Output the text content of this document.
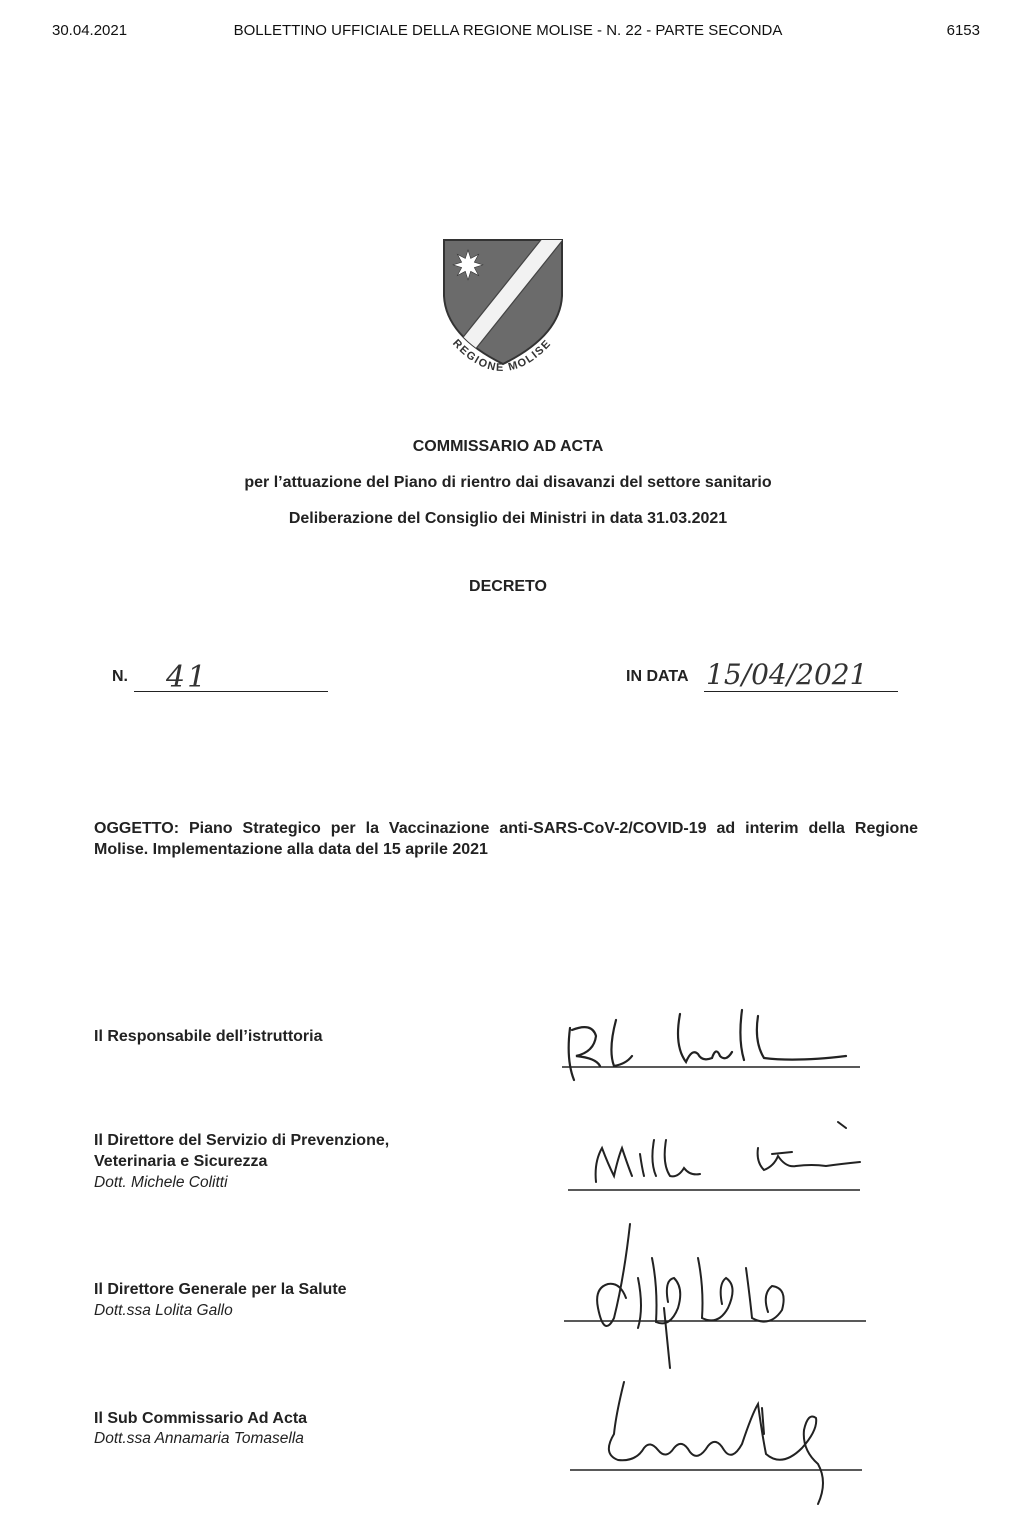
30.04.2021	BOLLETTINO UFFICIALE DELLA REGIONE MOLISE - N. 22 - PARTE SECONDA	6153
REGIONE MOLISE
COMMISSARIO AD ACTA
per l’attuazione del Piano di rientro dai disavanzi del settore sanitario
Deliberazione del Consiglio dei Ministri in data 31.03.2021
DECRETO
N. 41	IN DATA 15/04/2021
OGGETTO: Piano Strategico per la Vaccinazione anti-SARS-CoV-2/COVID-19 ad interim della Regione Molise. Implementazione alla data del 15 aprile 2021
Il Responsabile dell’istruttoria
Il Direttore del Servizio di Prevenzione, Veterinaria e Sicurezza
Dott. Michele Colitti
Il Direttore Generale per la Salute
Dott.ssa Lolita Gallo
Il Sub Commissario Ad Acta
Dott.ssa Annamaria Tomasella
